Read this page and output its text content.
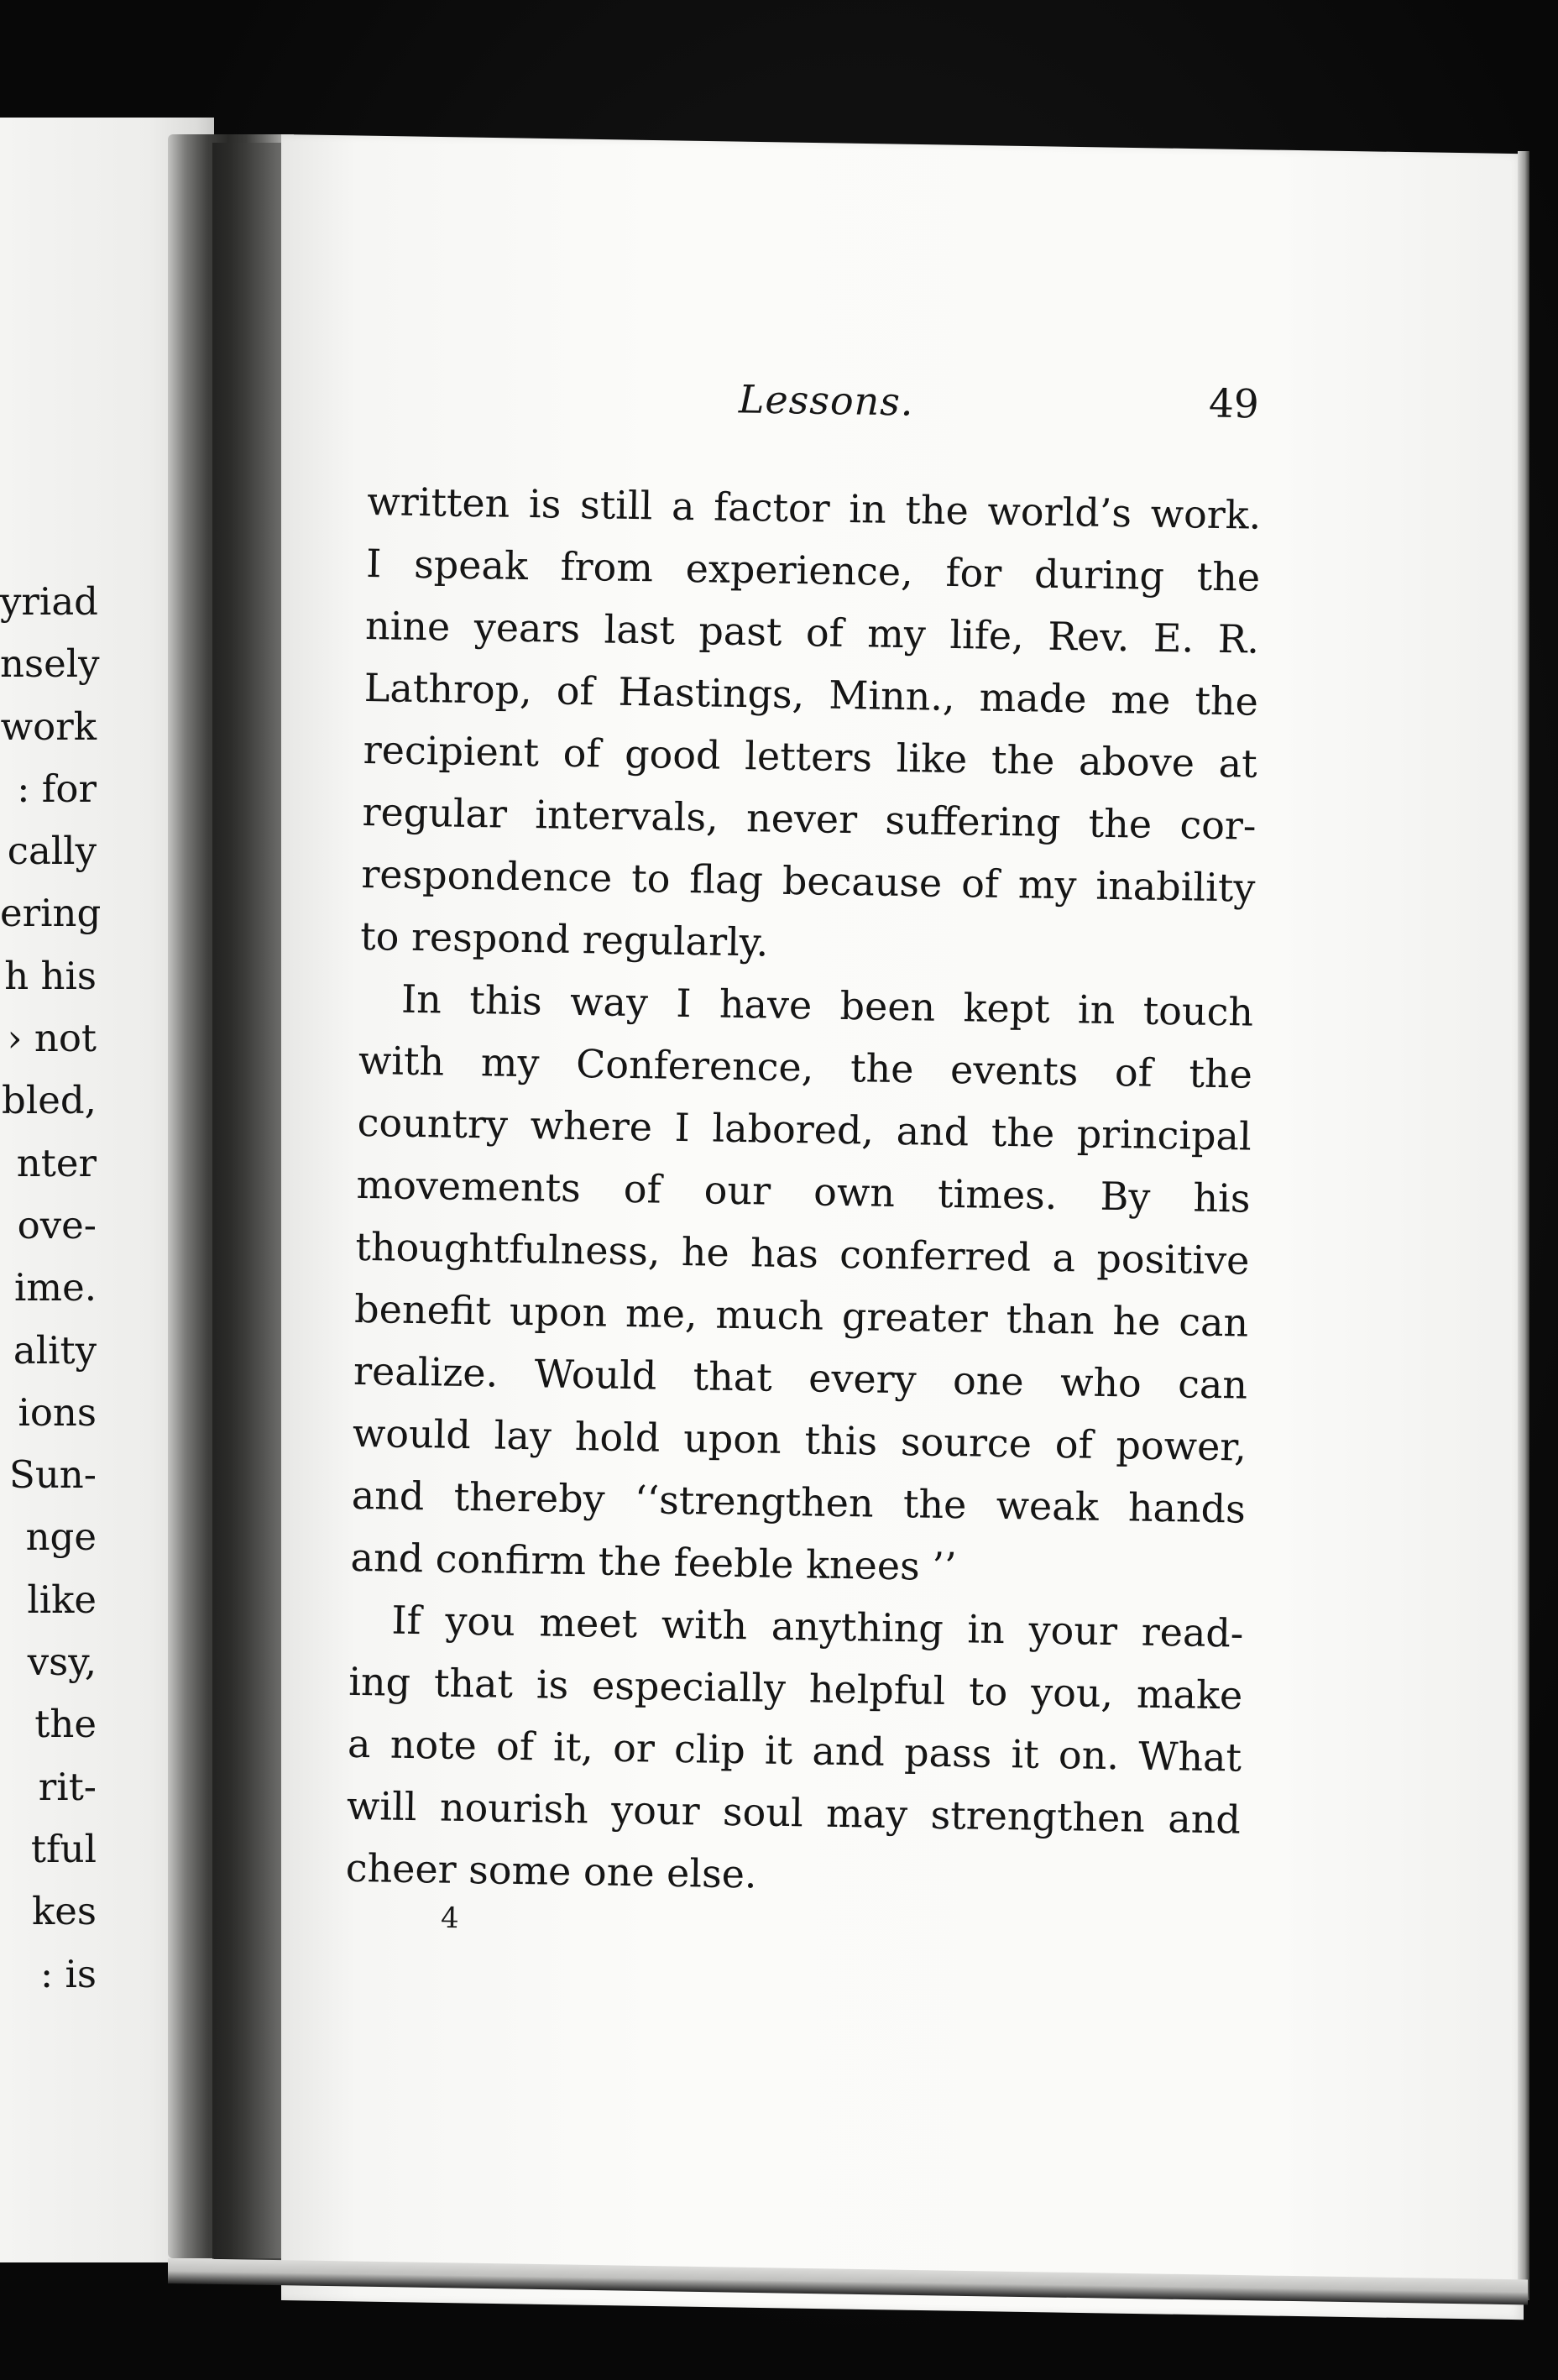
yriad
nsely
work
: for
cally
ering
h his
› not
bled,
nter
ove-
ime.
ality
ions
Sun-
nge
like
vsy,
the
rit-
tful
kes
: is
Lessons.	49
written is still a factor in the world’s work.
I speak from experience, for during the
nine years last past of my life, Rev. E. R.
Lathrop, of Hastings, Minn., made me the
recipient of good letters like the above at
regular intervals, never suffering the cor-
respondence to flag because of my inability
to respond regularly.
In this way I have been kept in touch
with my Conference, the events of the
country where I labored, and the principal
movements of our own times. By his
thoughtfulness, he has conferred a positive
benefit upon me, much greater than he can
realize. Would that every one who can
would lay hold upon this source of power,
and thereby ‘‘strengthen the weak hands
and confirm the feeble knees ’’
If you meet with anything in your read-
ing that is especially helpful to you, make
a note of it, or clip it and pass it on. What
will nourish your soul may strengthen and
cheer some one else.
4
